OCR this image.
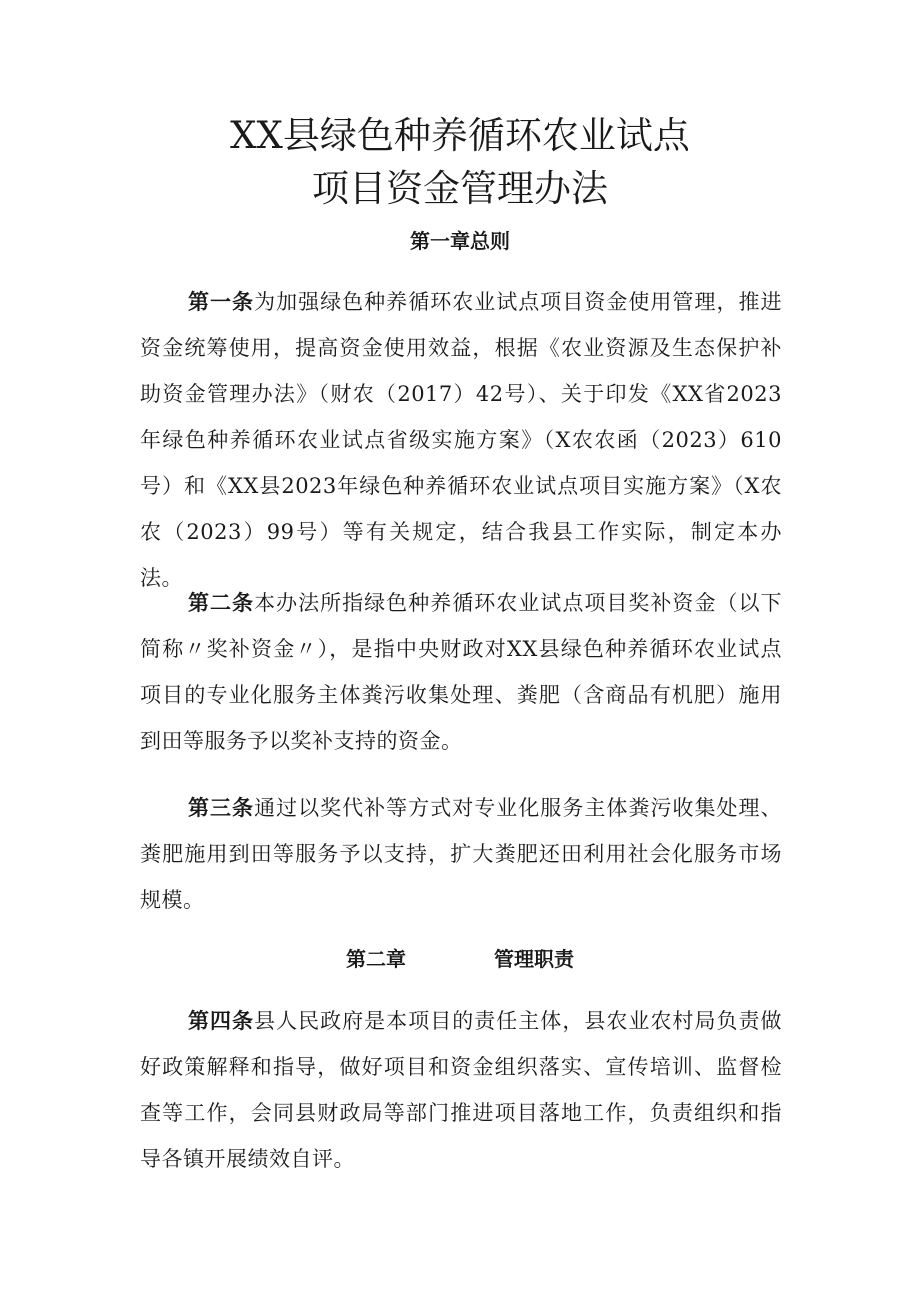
XX县绿色种养循环农业试点
项目资金管理办法
第一章总则
第一条为加强绿色种养循环农业试点项目资金使用管理，推进资金统筹使用，提高资金使用效益，根据《农业资源及生态保护补助资金管理办法》（财农（2017）42号）、关于印发《XX省2023年绿色种养循环农业试点省级实施方案》（X农农函（2023）610号）和《XX县2023年绿色种养循环农业试点项目实施方案》（X农农（2023）99号）等有关规定，结合我县工作实际，制定本办法。
第二条本办法所指绿色种养循环农业试点项目奖补资金（以下简称〃奖补资金〃），是指中央财政对XX县绿色种养循环农业试点项目的专业化服务主体粪污收集处理、粪肥（含商品有机肥）施用到田等服务予以奖补支持的资金。
第三条通过以奖代补等方式对专业化服务主体粪污收集处理、粪肥施用到田等服务予以支持，扩大粪肥还田利用社会化服务市场规模。
第二章	管理职责
第四条县人民政府是本项目的责任主体，县农业农村局负责做好政策解释和指导，做好项目和资金组织落实、宣传培训、监督检查等工作，会同县财政局等部门推进项目落地工作，负责组织和指导各镇开展绩效自评。
